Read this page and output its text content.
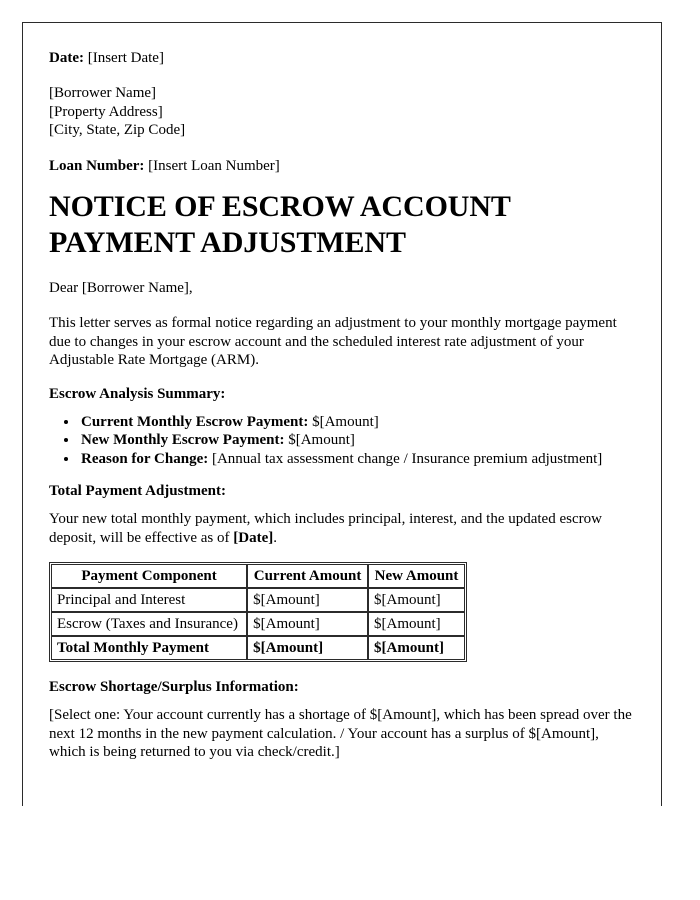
Date: [Insert Date]
[Borrower Name]
[Property Address]
[City, State, Zip Code]
Loan Number: [Insert Loan Number]
NOTICE OF ESCROW ACCOUNT PAYMENT ADJUSTMENT

Dear [Borrower Name],

This letter serves as formal notice regarding an adjustment to your monthly mortgage payment due to changes in your escrow account and the scheduled interest rate adjustment of your Adjustable Rate Mortgage (ARM).

Escrow Analysis Summary:
• Current Monthly Escrow Payment: $[Amount]
• New Monthly Escrow Payment: $[Amount]
• Reason for Change: [Annual tax assessment change / Insurance premium adjustment]
Total Payment Adjustment:

Your new total monthly payment, which includes principal, interest, and the updated escrow deposit, will be effective as of [Date].

Payment Component	Current Amount	New Amount
Principal and Interest	$[Amount]	$[Amount]
Escrow (Taxes and Insurance)	$[Amount]	$[Amount]
Total Monthly Payment	$[Amount]	$[Amount]
Escrow Shortage/Surplus Information:

[Select one: Your account currently has a shortage of $[Amount], which has been spread over the next 12 months in the new payment calculation. / Your account has a surplus of $[Amount], which is being returned to you via check/credit.]
